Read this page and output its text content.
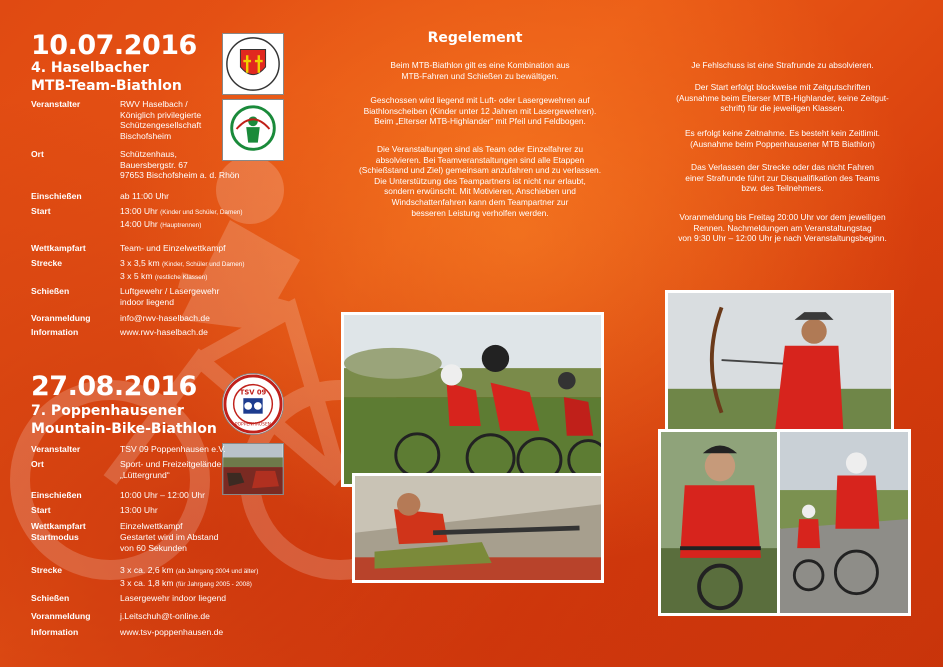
10.07.2016
4. Haselbacher
MTB-Team-Biathlon
Veranstalter	RWV Haselbach /
Königlich privilegierte
Schützengesellschaft
Bischofsheim
Ort	Schützenhaus,
Bauersbergstr. 67
97653 Bischofsheim a. d. Rhön
Einschießen	ab 11:00 Uhr
Start	13:00 Uhr (Kinder und Schüler, Damen)
14:00 Uhr (Hauptrennen)
Wettkampfart	Team- und Einzelwettkampf
Strecke	3 x 3,5 km (Kinder, Schüler und Damen)
3 x 5 km (restliche Klassen)
Schießen	Luftgewehr / Lasergewehr
indoor liegend
Voranmeldung	info@rwv-haselbach.de
Information	www.rwv-haselbach.de
27.08.2016
7. Poppenhausener
Mountain-Bike-Biathlon
TSV 09
POPPENHAUSEN
Veranstalter	TSV 09 Poppenhausen e.V.
Ort	Sport- und Freizeitgelände
„Lüttergrund“
Einschießen	10:00 Uhr – 12:00 Uhr
Start	13:00 Uhr
Wettkampfart	Einzelwettkampf
Startmodus	Gestartet wird im Abstand
von 60 Sekunden
Strecke	3 x ca. 2,6 km (ab Jahrgang 2004 und älter)
3 x ca. 1,8 km (für Jahrgang 2005 - 2008)
Schießen	Lasergewehr indoor liegend
Voranmeldung	j.Leitschuh@t-online.de
Information	www.tsv-poppenhausen.de
Regelement
Beim MTB-Biathlon gilt es eine Kombination aus
MTB-Fahren und Schießen zu bewältigen.
Geschossen wird liegend mit Luft- oder Lasergewehren auf
Biathlonscheiben (Kinder unter 12 Jahren mit Lasergewehren).
Beim „Elterser MTB-Highlander“ mit Pfeil und Feldbogen.
Die Veranstaltungen sind als Team oder Einzelfahrer zu
absolvieren. Bei Teamveranstaltungen sind alle Etappen
(Schießstand und Ziel) gemeinsam anzufahren und zu verlassen.
Die Unterstützung des Teampartners ist nicht nur erlaubt,
sondern erwünscht. Mit Motivieren, Anschieben und
Windschattenfahren kann dem Teampartner zur
besseren Leistung verholfen werden.
Je Fehlschuss ist eine Strafrunde zu absolvieren.
Der Start erfolgt blockweise mit Zeitgutschriften
(Ausnahme beim Elterser MTB-Highlander, keine Zeitgut-
schrift) für die jeweiligen Klassen.
Es erfolgt keine Zeitnahme. Es besteht kein Zeitlimit.
(Ausnahme beim Poppenhausener MTB Biathlon)
Das Verlassen der Strecke oder das nicht Fahren
einer Strafrunde führt zur Disqualifikation des Teams
bzw. des Teilnehmers.
Voranmeldung bis Freitag 20:00 Uhr vor dem jeweiligen
Rennen. Nachmeldungen am Veranstaltungstag
von 9:30 Uhr – 12:00 Uhr je nach Veranstaltungsbeginn.
